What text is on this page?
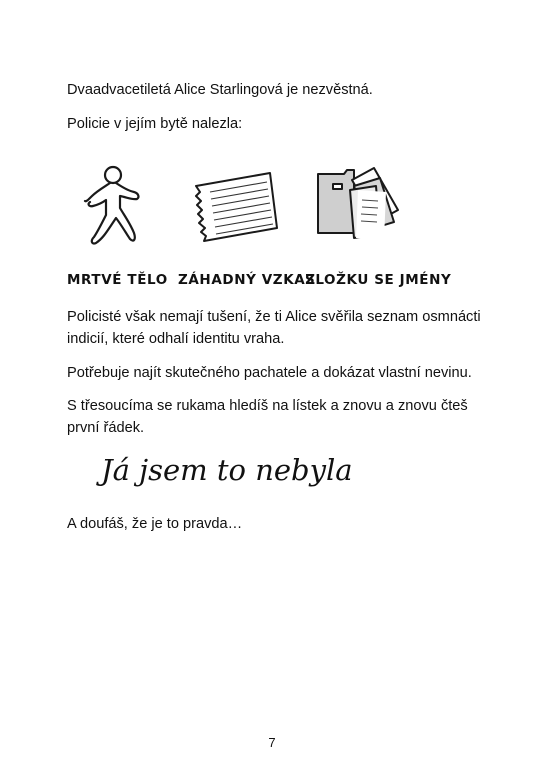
Dvaadvacetiletá Alice Starlingová je nezvěstná.

Policie v jejím bytě nalezla:

MRTVÉ TĚLO ZÁHADNÝ VZKAZ
SLOŽKU SE JMÉNY

Policisté však nemají tušení, že ti Alice svěřila seznam osmnácti indicií, které odhalí identitu vraha.

Potřebuje najít skutečného pachatele a dokázat vlastní nevinu.

S třesoucíma se rukama hledíš na lístek a znovu a znovu čteš první řádek.

Já jsem to nebyla

A doufáš, že je to pravda…

7
